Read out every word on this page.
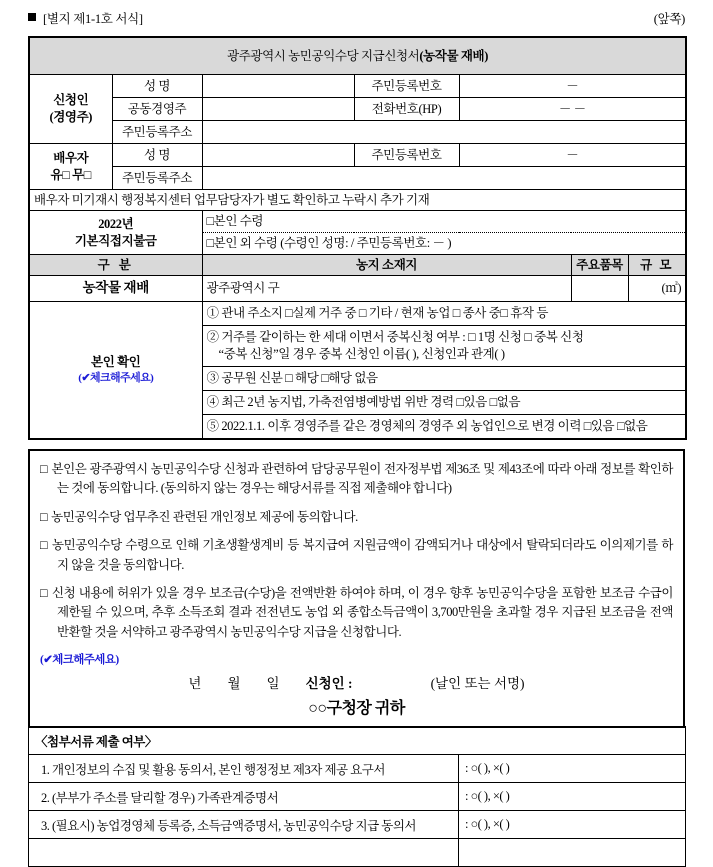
[별지 제1-1호 서식]	(앞쪽)
광주광역시 농민공익수당 지급신청서(농작물 재배)						

신청인
(경영주)	성 명		주민등록번호	－		
	공동경영주		전화번호(HP)	－ －		
	주민등록주소					

배우자
유□ 무□	성 명		주민등록번호	－		
	주민등록주소					
배우자 미기재시 행정복지센터 업무담당자가 별도 확인하고 누락시 추가 기재						

2022년
기본직접지불금		□본인 수령				
		□본인 외 수령 (수령인 성명: / 주민등록번호: － )				
구 분		농지 소재지			주요품목	규 모
농작물 재배		광주광역시 구				(㎡)
본인 확인
(✔체크해주세요)		① 관내 주소지 □실제 거주 중 □ 기타 / 현재 농업 □ 종사 중□ 휴작 등				
		② 거주를 같이하는 한 세대 이면서 중복신청 여부 : □ 1명 신청 □ 중복 신청
“중복 신청”일 경우 중복 신청인 이름( ), 신청인과 관계( )				

		③ 공무원 신분 □ 해당 □해당 없음				
		④ 최근 2년 농지법, 가축전염병예방법 위반 경력 □있음 □없음				
		⑤ 2022.1.1. 이후 경영주를 같은 경영체의 경영주 외 농업인으로 변경 이력 □있음 □없음				
□ 본인은 광주광역시 농민공익수당 신청과 관련하여 담당공무원이 전자정부법 제36조 및 제43조에 따라 아래 정보를 확인하는 것에 동의합니다. (동의하지 않는 경우는 해당서류를 직접 제출해야 합니다)
□ 농민공익수당 업무추진 관련된 개인정보 제공에 동의합니다.
□ 농민공익수당 수령으로 인해 기초생활생계비 등 복지급여 지원금액이 감액되거나 대상에서 탈락되더라도 이의제기를 하지 않을 것을 동의합니다.
□ 신청 내용에 허위가 있을 경우 보조금(수당)을 전액반환 하여야 하며, 이 경우 향후 농민공익수당을 포함한 보조금 수급이 제한될 수 있으며, 추후 소득조회 결과 전전년도 농업 외 종합소득금액이 3,700만원을 초과할 경우 지급된 보조금을 전액 반환할 것을 서약하고 광주광역시 농민공익수당 지급을 신청합니다.
(✔체크해주세요)
년 월 일 신청인 :	(날인 또는 서명)
○○구청장 귀하
〈첨부서류 제출 여부〉	
1. 개인정보의 수집 및 활용 동의서, 본인 행정정보 제3자 제공 요구서	: ○( ), ×( )
2. (부부가 주소를 달리할 경우) 가족관계증명서	: ○( ), ×( )
3. (필요시) 농업경영체 등록증, 소득금액증명서, 농민공익수당 지급 동의서	: ○( ), ×( )
